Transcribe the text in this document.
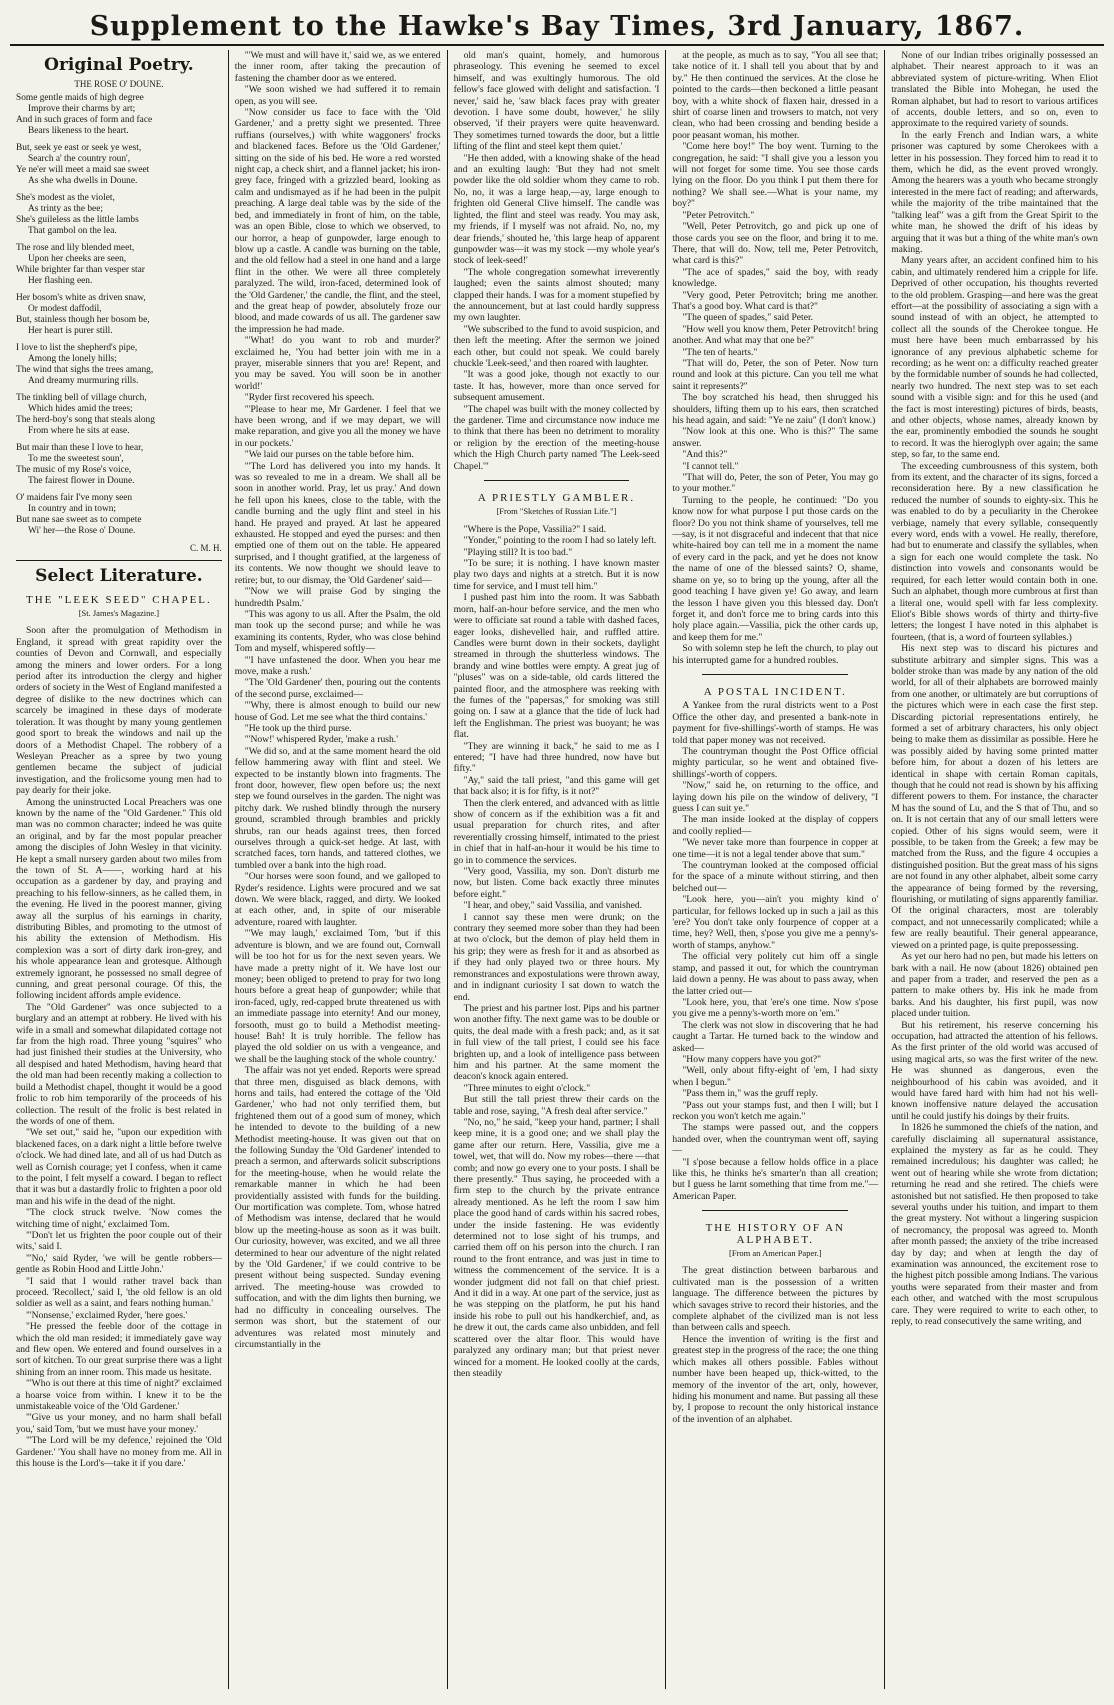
Supplement to the Hawke's Bay Times, 3rd January, 1867.
Original Poetry.
THE ROSE O' DOUNE.

Some gentle maids of high degree

Improve their charms by art;

And in such graces of form and face

Bears likeness to the heart.

But, seek ye east or seek ye west,

Search a' the country roun',

Ye ne'er will meet a maid sae sweet

As she wha dwells in Doune.

She's modest as the violet,

As trinty as the bee;

She's guileless as the little lambs

That gambol on the lea.

The rose and lily blended meet,

Upon her cheeks are seen,

While brighter far than vesper star

Her flashing een.

Her bosom's white as driven snaw,

Or modest daffodil,

But, stainless though her bosom be,

Her heart is purer still.

I love to list the shepherd's pipe,

Among the lonely hills;

The wind that sighs the trees amang,

And dreamy murmuring rills.

The tinkling bell of village church,

Which hides amid the trees;

The herd-boy's song that steals along

From where he sits at ease.

But mair than these I love to hear,

To me the sweetest soun',

The music of my Rose's voice,

The fairest flower in Doune.

O' maidens fair I've mony seen

In country and in town;

But nane sae sweet as to compete

Wi' her—the Rose o' Doune.

C. M. H.
Select Literature.
THE "LEEK SEED" CHAPEL.
[St. James's Magazine.]

Soon after the promulgation of Methodism in England, it spread with great rapidity over the counties of Devon and Cornwall, and especially among the miners and lower orders. For a long period after its introduction the clergy and higher orders of society in the West of England manifested a degree of dislike to the new doctrines which can scarcely be imagined in these days of moderate toleration. It was thought by many young gentlemen good sport to break the windows and nail up the doors of a Methodist Chapel. The robbery of a Wesleyan Preacher as a spree by two young gentlemen became the subject of judicial investigation, and the frolicsome young men had to pay dearly for their joke.

Among the uninstructed Local Preachers was one known by the name of the "Old Gardener." This old man was no common character; indeed he was quite an original, and by far the most popular preacher among the disciples of John Wesley in that vicinity. He kept a small nursery garden about two miles from the town of St. A——, working hard at his occupation as a gardener by day, and praying and preaching to his fellow-sinners, as he called them, in the evening. He lived in the poorest manner, giving away all the surplus of his earnings in charity, distributing Bibles, and promoting to the utmost of his ability the extension of Methodism. His complexion was a sort of dirty dark iron-grey, and his whole appearance lean and grotesque. Although extremely ignorant, he possessed no small degree of cunning, and great personal courage. Of this, the following incident affords ample evidence.

The "Old Gardener" was once subjected to a burglary and an attempt at robbery. He lived with his wife in a small and somewhat dilapidated cottage not far from the high road. Three young "squires" who had just finished their studies at the University, who all despised and hated Methodism, having heard that the old man had been recently making a collection to build a Methodist chapel, thought it would be a good frolic to rob him temporarily of the proceeds of his collection. The result of the frolic is best related in the words of one of them.

"We set out," said he, "upon our expedition with blackened faces, on a dark night a little before twelve o'clock. We had dined late, and all of us had Dutch as well as Cornish courage; yet I confess, when it came to the point, I felt myself a coward. I began to reflect that it was but a dastardly frolic to frighten a poor old man and his wife in the dead of the night.

"The clock struck twelve. 'Now comes the witching time of night,' exclaimed Tom.

"'Don't let us frighten the poor couple out of their wits,' said I.

"'No,' said Ryder, 'we will be gentle robbers—gentle as Robin Hood and Little John.'

"I said that I would rather travel back than proceed. 'Recollect,' said I, 'the old fellow is an old soldier as well as a saint, and fears nothing human.'

"'Nonsense,' exclaimed Ryder, 'here goes.'

"He pressed the feeble door of the cottage in which the old man resided; it immediately gave way and flew open. We entered and found ourselves in a sort of kitchen. To our great surprise there was a light shining from an inner room. This made us hesitate.

"'Who is out there at this time of night?' exclaimed a hoarse voice from within. I knew it to be the unmistakeable voice of the 'Old Gardener.'

"'Give us your money, and no harm shall befall you,' said Tom, 'but we must have your money.'

"'The Lord will be my defence,' rejoined the 'Old Gardener.' 'You shall have no money from me. All in this house is the Lord's—take it if you dare.'

"'We must and will have it,' said we, as we entered the inner room, after taking the precaution of fastening the chamber door as we entered.

"We soon wished we had suffered it to remain open, as you will see.

"Now consider us face to face with the 'Old Gardener,' and a pretty sight we presented. Three ruffians (ourselves,) with white waggoners' frocks and blackened faces. Before us the 'Old Gardener,' sitting on the side of his bed. He wore a red worsted night cap, a check shirt, and a flannel jacket; his iron-grey face, fringed with a grizzled beard, looking as calm and undismayed as if he had been in the pulpit preaching. A large deal table was by the side of the bed, and immediately in front of him, on the table, was an open Bible, close to which we observed, to our horror, a heap of gunpowder, large enough to blow up a castle. A candle was burning on the table, and the old fellow had a steel in one hand and a large flint in the other. We were all three completely paralyzed. The wild, iron-faced, determined look of the 'Old Gardener,' the candle, the flint, and the steel, and the great heap of powder, absolutely froze our blood, and made cowards of us all. The gardener saw the impression he had made.

"'What! do you want to rob and murder?' exclaimed he, 'You had better join with me in a prayer, miserable sinners that you are! Repent, and you may be saved. You will soon be in another world!'

"Ryder first recovered his speech.

"'Please to hear me, Mr Gardener. I feel that we have been wrong, and if we may depart, we will make reparation, and give you all the money we have in our pockets.'

"We laid our purses on the table before him.

"'The Lord has delivered you into my hands. It was so revealed to me in a dream. We shall all be soon in another world. Pray, let us pray.' And down he fell upon his knees, close to the table, with the candle burning and the ugly flint and steel in his hand. He prayed and prayed. At last he appeared exhausted. He stopped and eyed the purses: and then emptied one of them out on the table. He appeared surprised, and I thought gratified, at the largeness of its contents. We now thought we should leave to retire; but, to our dismay, the 'Old Gardener' said—

"'Now we will praise God by singing the hundredth Psalm.'

"This was agony to us all. After the Psalm, the old man took up the second purse; and while he was examining its contents, Ryder, who was close behind Tom and myself, whispered softly—

"'I have unfastened the door. When you hear me move, make a rush.'

"The 'Old Gardener' then, pouring out the contents of the second purse, exclaimed—

"'Why, there is almost enough to build our new house of God. Let me see what the third contains.'

"He took up the third purse.

"'Now!' whispered Ryder, 'make a rush.'

"We did so, and at the same moment heard the old fellow hammering away with flint and steel. We expected to be instantly blown into fragments. The front door, however, flew open before us; the next step we found ourselves in the garden. The night was pitchy dark. We rushed blindly through the nursery ground, scrambled through brambles and prickly shrubs, ran our heads against trees, then forced ourselves through a quick-set hedge. At last, with scratched faces, torn hands, and tattered clothes, we tumbled over a bank into the high road.

"Our horses were soon found, and we galloped to Ryder's residence. Lights were procured and we sat down. We were black, ragged, and dirty. We looked at each other, and, in spite of our miserable adventure, roared with laughter.

"'We may laugh,' exclaimed Tom, 'but if this adventure is blown, and we are found out, Cornwall will be too hot for us for the next seven years. We have made a pretty night of it. We have lost our money; been obliged to pretend to pray for two long hours before a great heap of gunpowder; while that iron-faced, ugly, red-capped brute threatened us with an immediate passage into eternity! And our money, forsooth, must go to build a Methodist meeting-house! Bah! It is truly horrible. The fellow has played the old soldier on us with a vengeance, and we shall be the laughing stock of the whole country.'

The affair was not yet ended. Reports were spread that three men, disguised as black demons, with horns and tails, had entered the cottage of the 'Old Gardener,' who had not only terrified them, but frightened them out of a good sum of money, which he intended to devote to the building of a new Methodist meeting-house. It was given out that on the following Sunday the 'Old Gardener' intended to preach a sermon, and afterwards solicit subscriptions for the meeting-house, when he would relate the remarkable manner in which he had been providentially assisted with funds for the building. Our mortification was complete. Tom, whose hatred of Methodism was intense, declared that he would blow up the meeting-house as soon as it was built. Our curiosity, however, was excited, and we all three determined to hear our adventure of the night related by the 'Old Gardener,' if we could contrive to be present without being suspected. Sunday evening arrived. The meeting-house was crowded to suffocation, and with the dim lights then burning, we had no difficulty in concealing ourselves. The sermon was short, but the statement of our adventures was related most minutely and circumstantially in the

old man's quaint, homely, and humorous phraseology. This evening he seemed to excel himself, and was exultingly humorous. The old fellow's face glowed with delight and satisfaction. 'I never,' said he, 'saw black faces pray with greater devotion. I have some doubt, however,' he slily observed, 'if their prayers were quite heavenward. They sometimes turned towards the door, but a little lifting of the flint and steel kept them quiet.'

"He then added, with a knowing shake of the head and an exulting laugh: 'But they had not smelt powder like the old soldier whom they came to rob. No, no, it was a large heap,—ay, large enough to frighten old General Clive himself. The candle was lighted, the flint and steel was ready. You may ask, my friends, if I myself was not afraid. No, no, my dear friends,' shouted he, 'this large heap of apparent gunpowder was—it was my stock —my whole year's stock of leek-seed!'

"The whole congregation somewhat irreverently laughed; even the saints almost shouted; many clapped their hands. I was for a moment stupefied by the announcement, but at last could hardly suppress my own laughter.

"We subscribed to the fund to avoid suspicion, and then left the meeting. After the sermon we joined each other, but could not speak. We could barely chuckle 'Leek-seed,' and then roared with laughter.

"It was a good joke, though not exactly to our taste. It has, however, more than once served for subsequent amusement.

"The chapel was built with the money collected by the gardener. Time and circumstance now induce me to think that there has been no detriment to morality or religion by the erection of the meeting-house which the High Church party named 'The Leek-seed Chapel.'"

A PRIESTLY GAMBLER.
[From "Sketches of Russian Life."]

"Where is the Pope, Vassilia?" I said.

"Yonder," pointing to the room I had so lately left.

"Playing still? It is too bad."

"To be sure; it is nothing. I have known master play two days and nights at a stretch. But it is now time for service, and I must tell him."

I pushed past him into the room. It was Sabbath morn, half-an-hour before service, and the men who were to officiate sat round a table with dashed faces, eager looks, dishevelled hair, and ruffled attire. Candles were burnt down in their sockets, daylight streamed in through the shutterless windows. The brandy and wine bottles were empty. A great jug of "pluses" was on a side-table, old cards littered the painted floor, and the atmosphere was reeking with the fumes of the "papersas," for smoking was still going on. I saw at a glance that the tide of luck had left the Englishman. The priest was buoyant; he was flat.

"They are winning it back," he said to me as I entered; "I have had three hundred, now have but fifty."

"Ay," said the tall priest, "and this game will get that back also; it is for fifty, is it not?"

Then the clerk entered, and advanced with as little show of concern as if the exhibition was a fit and usual preparation for church rites, and after reverentially crossing himself, intimated to the priest in chief that in half-an-hour it would be his time to go in to commence the services.

"Very good, Vassilia, my son. Don't disturb me now, but listen. Come back exactly three minutes before eight."

"I hear, and obey," said Vassilia, and vanished.

I cannot say these men were drunk; on the contrary they seemed more sober than they had been at two o'clock, but the demon of play held them in his grip; they were as fresh for it and as absorbed as if they had only played two or three hours. My remonstrances and expostulations were thrown away, and in indignant curiosity I sat down to watch the end.

The priest and his partner lost. Pips and his partner won another fifty. The next game was to be double or quits, the deal made with a fresh pack; and, as it sat in full view of the tall priest, I could see his face brighten up, and a look of intelligence pass between him and his partner. At the same moment the deacon's knock again entered.

"Three minutes to eight o'clock."

But still the tall priest threw their cards on the table and rose, saying, "A fresh deal after service."

"No, no," he said, "keep your hand, partner; I shall keep mine, it is a good one; and we shall play the game after our return. Here, Vassilia, give me a towel, wet, that will do. Now my robes—there —that comb; and now go every one to your posts. I shall be there presently." Thus saying, he proceeded with a firm step to the church by the private entrance already mentioned. As he left the room I saw him place the good hand of cards within his sacred robes, under the inside fastening. He was evidently determined not to lose sight of his trumps, and carried them off on his person into the church. I ran round to the front entrance, and was just in time to witness the commencement of the service. It is a wonder judgment did not fall on that chief priest. And it did in a way. At one part of the service, just as he was stepping on the platform, he put his hand inside his robe to pull out his handkerchief, and, as he drew it out, the cards came also unbidden, and fell scattered over the altar floor. This would have paralyzed any ordinary man; but that priest never winced for a moment. He looked coolly at the cards, then steadily

at the people, as much as to say, "You all see that; take notice of it. I shall tell you about that by and by." He then continued the services. At the close he pointed to the cards—then beckoned a little peasant boy, with a white shock of flaxen hair, dressed in a shirt of coarse linen and trowsers to match, not very clean, who had been crossing and bending beside a poor peasant woman, his mother.

"Come here boy!" The boy went. Turning to the congregation, he said: "I shall give you a lesson you will not forget for some time. You see those cards lying on the floor. Do you think I put them there for nothing? We shall see.—What is your name, my boy?"

"Peter Petrovitch."

"Well, Peter Petrovitch, go and pick up one of those cards you see on the floor, and bring it to me. There, that will do. Now, tell me, Peter Petrovitch, what card is this?"

"The ace of spades," said the boy, with ready knowledge.

"Very good, Peter Petrovitch; bring me another. That's a good boy. What card is that?"

"The queen of spades," said Peter.

"How well you know them, Peter Petrovitch! bring another. And what may that one be?"

"The ten of hearts."

"That will do, Peter, the son of Peter. Now turn round and look at this picture. Can you tell me what saint it represents?"

The boy scratched his head, then shrugged his shoulders, lifting them up to his ears, then scratched his head again, and said: "Ye ne zaiu" (I don't know.)

"Now look at this one. Who is this?" The same answer.

"And this?"

"I cannot tell."

"That will do, Peter, the son of Peter, You may go to your mother."

Turning to the people, he continued: "Do you know now for what purpose I put those cards on the floor? Do you not think shame of yourselves, tell me—say, is it not disgraceful and indecent that that nice white-haired boy can tell me in a moment the name of every card in the pack, and yet he does not know the name of one of the blessed saints? O, shame, shame on ye, so to bring up the young, after all the good teaching I have given ye! Go away, and learn the lesson I have given you this blessed day. Don't forget it, and don't force me to bring cards into this holy place again.—Vassilia, pick the other cards up, and keep them for me."

So with solemn step he left the church, to play out his interrupted game for a hundred roubles.

A POSTAL INCIDENT.

A Yankee from the rural districts went to a Post Office the other day, and presented a bank-note in payment for five-shillings'-worth of stamps. He was told that paper money was not received.

The countryman thought the Post Office official mighty particular, so he went and obtained five-shillings'-worth of coppers.

"Now," said he, on returning to the office, and laying down his pile on the window of delivery, "I guess I can suit ye."

The man inside looked at the display of coppers and coolly replied—

"We never take more than fourpence in copper at one time—it is not a legal tender above that sum."

The countryman looked at the composed official for the space of a minute without stirring, and then belched out—

"Look here, you—ain't you mighty kind o' particular, for fellows locked up in such a jail as this 'ere? You don't take only fourpence of copper at a time, hey? Well, then, s'pose you give me a penny's-worth of stamps, anyhow."

The official very politely cut him off a single stamp, and passed it out, for which the countryman laid down a penny. He was about to pass away, when the latter cried out—

"Look here, you, that 'ere's one time. Now s'pose you give me a penny's-worth more on 'em."

The clerk was not slow in discovering that he had caught a Tartar. He turned back to the window and asked—

"How many coppers have you got?"

"Well, only about fifty-eight of 'em, I had sixty when I begun."

"Pass them in," was the gruff reply.

"Pass out your stamps fust, and then I will; but I reckon you won't ketch me again."

The stamps were passed out, and the coppers handed over, when the countryman went off, saying—

"I s'pose because a fellow holds office in a place like this, he thinks he's smarter'n than all creation; but I guess he larnt something that time from me."—American Paper.

THE HISTORY OF AN ALPHABET.
[From an American Paper.]

The great distinction between barbarous and cultivated man is the possession of a written language. The difference between the pictures by which savages strive to record their histories, and the complete alphabet of the civilized man is not less than between calls and speech.

Hence the invention of writing is the first and greatest step in the progress of the race; the one thing which makes all others possible. Fables without number have been heaped up, thick-witted, to the memory of the inventor of the art, only, however, hiding his monument and name. But passing all these by, I propose to recount the only historical instance of the invention of an alphabet.

None of our Indian tribes originally possessed an alphabet. Their nearest approach to it was an abbreviated system of picture-writing. When Eliot translated the Bible into Mohegan, he used the Roman alphabet, but had to resort to various artifices of accents, double letters, and so on, even to approximate to the required variety of sounds.

In the early French and Indian wars, a white prisoner was captured by some Cherokees with a letter in his possession. They forced him to read it to them, which he did, as the event proved wrongly. Among the hearers was a youth who became strongly interested in the mere fact of reading; and afterwards, while the majority of the tribe maintained that the "talking leaf" was a gift from the Great Spirit to the white man, he showed the drift of his ideas by arguing that it was but a thing of the white man's own making.

Many years after, an accident confined him to his cabin, and ultimately rendered him a cripple for life. Deprived of other occupation, his thoughts reverted to the old problem. Grasping—and here was the great effort—at the possibility of associating a sign with a sound instead of with an object, he attempted to collect all the sounds of the Cherokee tongue. He must here have been much embarrassed by his ignorance of any previous alphabetic scheme for recording; as he went on: a difficulty reached greater by the formidable number of sounds he had collected, nearly two hundred. The next step was to set each sound with a visible sign: and for this he used (and the fact is most interesting) pictures of birds, beasts, and other objects, whose names, already known by the ear, prominently embodied the sounds he sought to record. It was the hieroglyph over again; the same step, so far, to the same end.

The exceeding cumbrousness of this system, both from its extent, and the character of its signs, forced a reconsideration here. By a new classification he reduced the number of sounds to eighty-six. This he was enabled to do by a peculiarity in the Cherokee verbiage, namely that every syllable, consequently every word, ends with a vowel. He really, therefore, had but to enumerate and classify the syllables, when a sign for each one would complete the task. No distinction into vowels and consonants would be required, for each letter would contain both in one. Such an alphabet, though more cumbrous at first than a literal one, would spell with far less complexity. Eliot's Bible shows words of thirty and thirty-five letters; the longest I have noted in this alphabet is fourteen, (that is, a word of fourteen syllables.)

His next step was to discard his pictures and substitute arbitrary and simpler signs. This was a bolder stroke than was made by any nation of the old world, for all of their alphabets are borrowed mainly from one another, or ultimately are but corruptions of the pictures which were in each case the first step. Discarding pictorial representations entirely, he formed a set of arbitrary characters, his only object being to make them as dissimilar as possible. Here he was possibly aided by having some printed matter before him, for about a dozen of his letters are identical in shape with certain Roman capitals, though that he could not read is shown by his affixing different powers to them. For instance, the character M has the sound of Lu, and the S that of Thu, and so on. It is not certain that any of our small letters were copied. Other of his signs would seem, were it possible, to be taken from the Greek; a few may be matched from the Russ, and the figure 4 occupies a distinguished position. But the great mass of his signs are not found in any other alphabet, albeit some carry the appearance of being formed by the reversing, flourishing, or mutilating of signs apparently familiar. Of the original characters, most are tolerably compact, and not unnecessarily complicated; while a few are really beautiful. Their general appearance, viewed on a printed page, is quite prepossessing.

As yet our hero had no pen, but made his letters on bark with a nail. He now (about 1826) obtained pen and paper from a trader, and reserved the pen as a pattern to make others by. His ink he made from barks. And his daughter, his first pupil, was now placed under tuition.

But his retirement, his reserve concerning his occupation, had attracted the attention of his fellows. As the first printer of the old world was accused of using magical arts, so was the first writer of the new. He was shunned as dangerous, even the neighbourhood of his cabin was avoided, and it would have fared hard with him had not his well-known inoffensive nature delayed the accusation until he could justify his doings by their fruits.

In 1826 he summoned the chiefs of the nation, and carefully disclaiming all supernatural assistance, explained the mystery as far as he could. They remained incredulous; his daughter was called; he went out of hearing while she wrote from dictation; returning he read and she retired. The chiefs were astonished but not satisfied. He then proposed to take several youths under his tuition, and impart to them the great mystery. Not without a lingering suspicion of necromancy, the proposal was agreed to. Month after month passed; the anxiety of the tribe increased day by day; and when at length the day of examination was announced, the excitement rose to the highest pitch possible among Indians. The various youths were separated from their master and from each other, and watched with the most scrupulous care. They were required to write to each other, to reply, to read consecutively the same writing, and
